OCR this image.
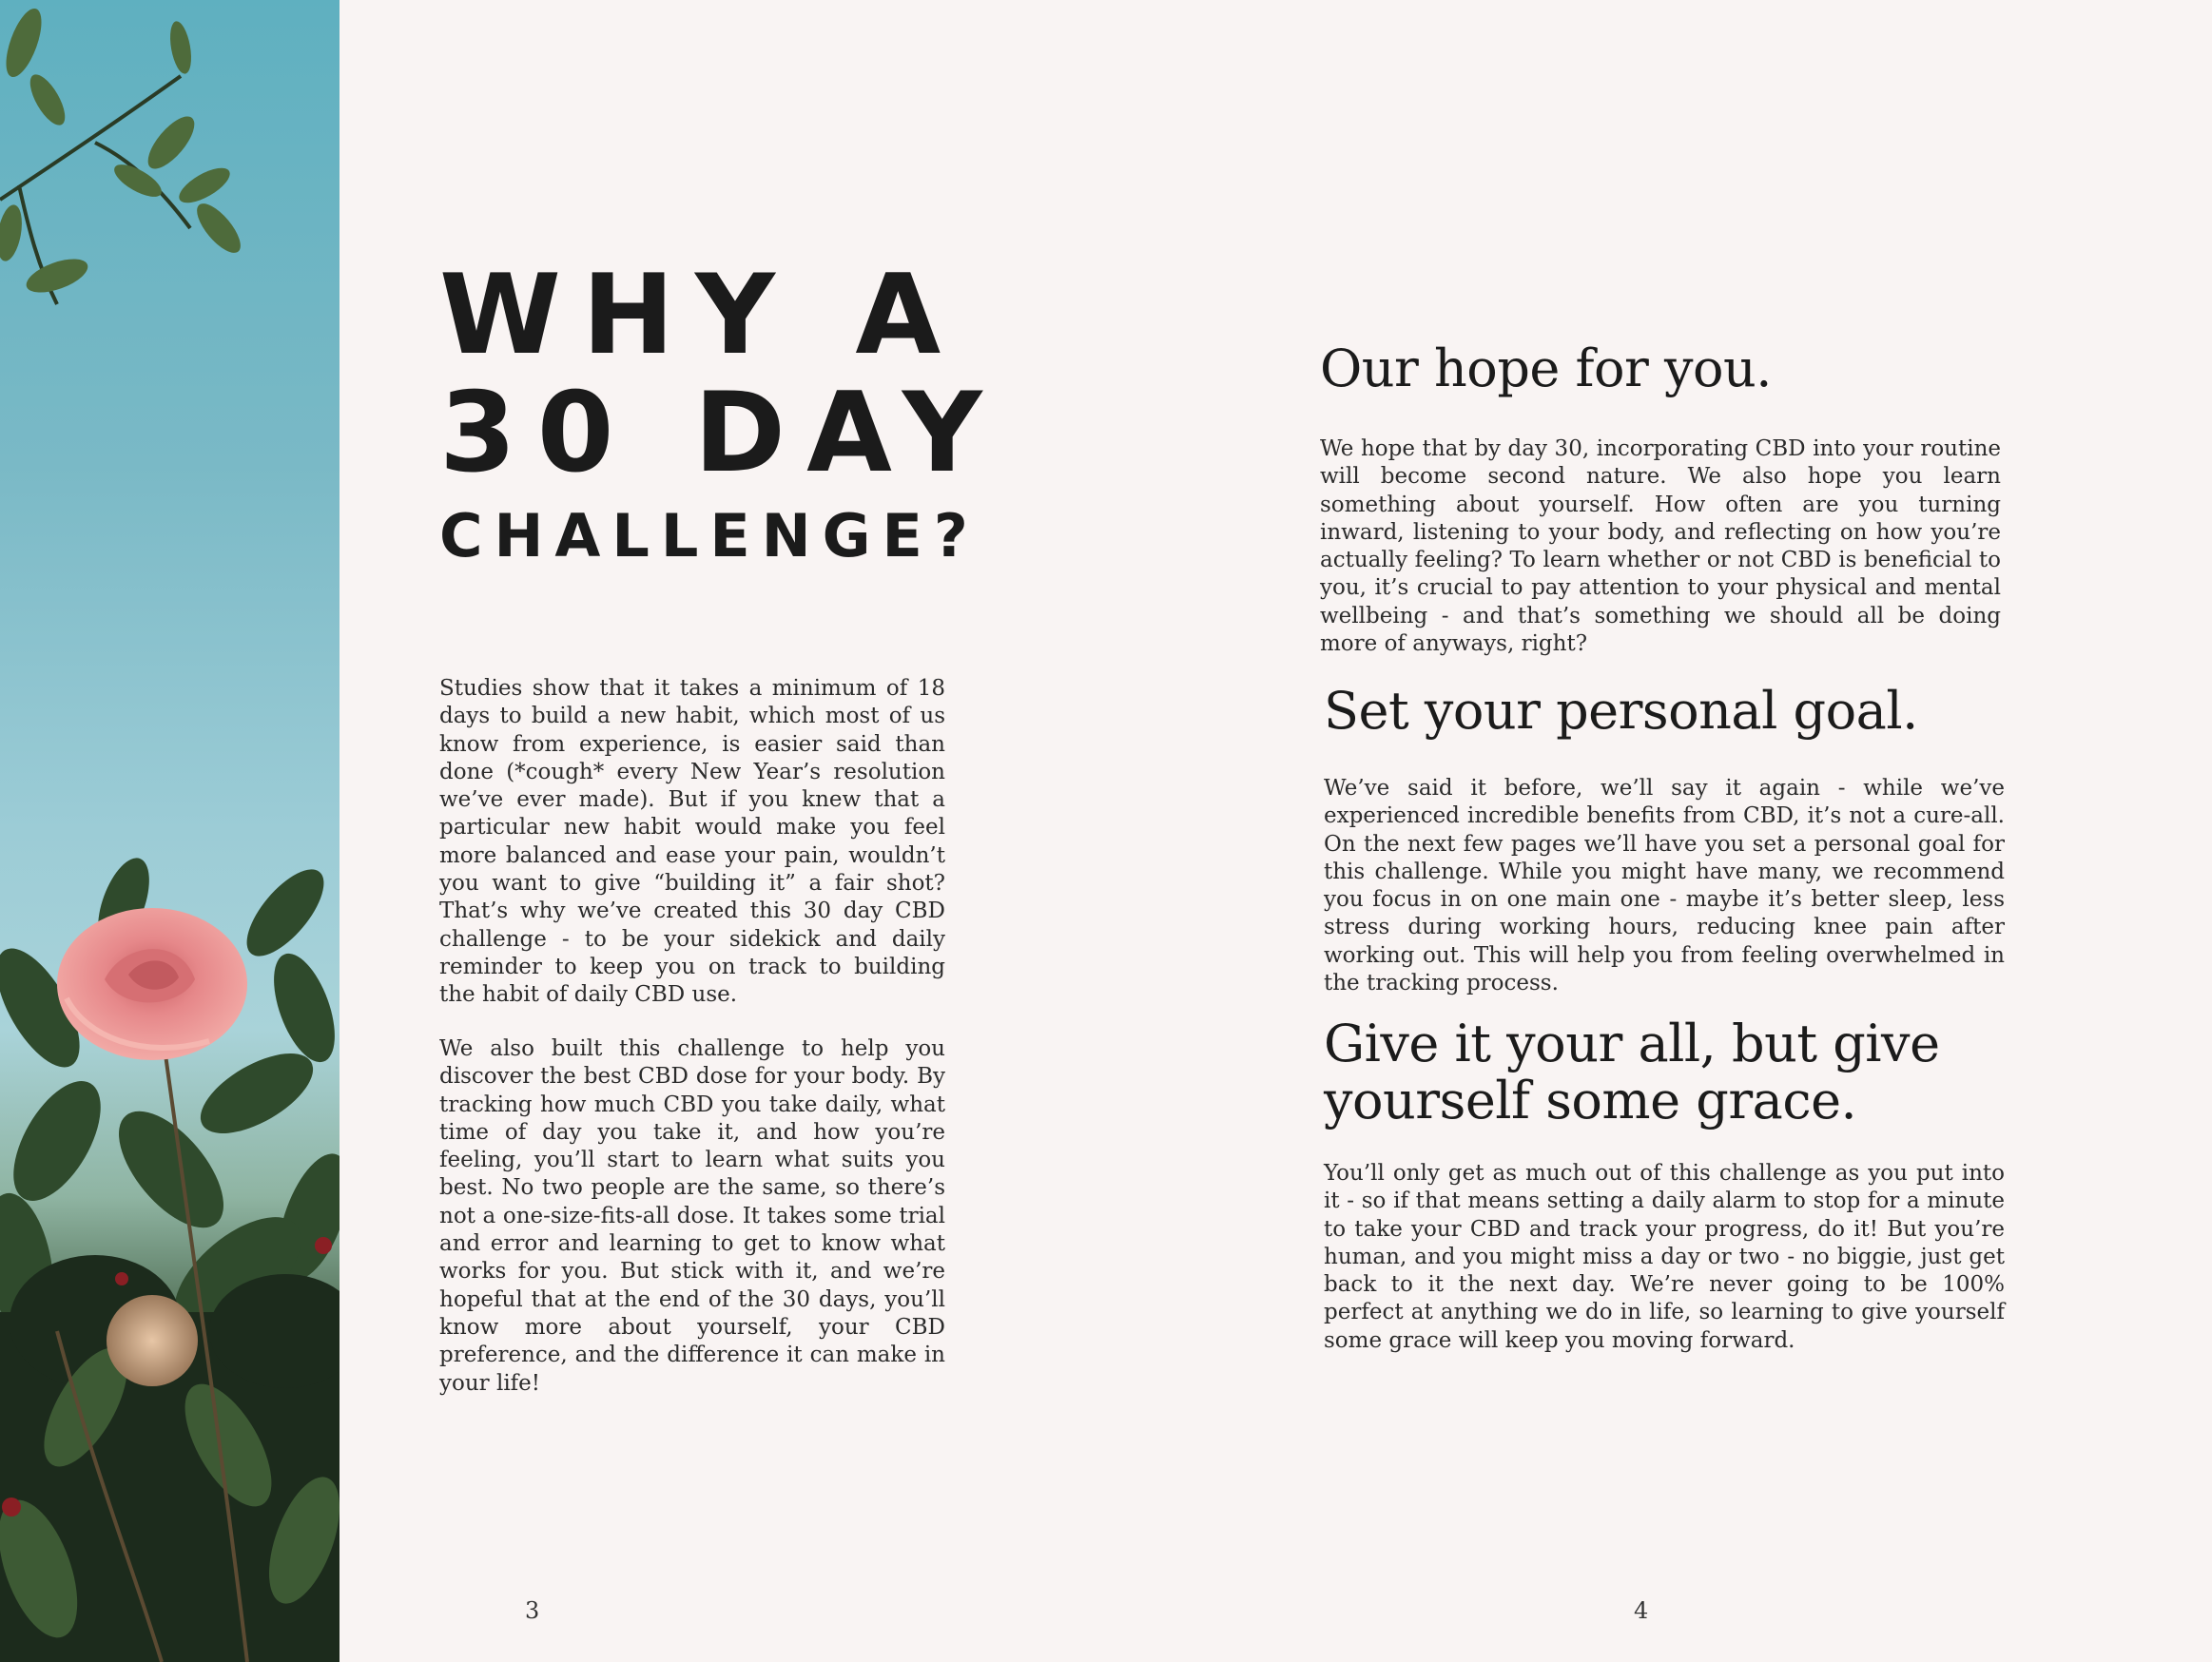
WHY A
30 DAY
CHALLENGE?

Studies show that it takes a minimum of 18 days to build a new habit, which most of us know from experience, is easier said than done (*cough* every New Year’s resolution we’ve ever made). But if you knew that a particular new habit would make you feel more balanced and ease your pain, wouldn’t you want to give “building it” a fair shot? That’s why we’ve created this 30 day CBD challenge - to be your sidekick and daily reminder to keep you on track to building the habit of daily CBD use.

We also built this challenge to help you discover the best CBD dose for your body. By tracking how much CBD you take daily, what time of day you take it, and how you’re feeling, you’ll start to learn what suits you best. No two people are the same, so there’s not a one-size-fits-all dose. It takes some trial and error and learning to get to know what works for you. But stick with it, and we’re hopeful that at the end of the 30 days, you’ll know more about yourself, your CBD preference, and the difference it can make in your life!

Our hope for you.

We hope that by day 30, incorporating CBD into your routine will become second nature. We also hope you learn something about yourself. How often are you turning inward, listening to your body, and reflecting on how you’re actually feeling? To learn whether or not CBD is beneficial to you, it’s crucial to pay attention to your physical and mental wellbeing - and that’s something we should all be doing more of anyways, right?

Set your personal goal.

We’ve said it before, we’ll say it again - while we’ve experienced incredible benefits from CBD, it’s not a cure-all. On the next few pages we’ll have you set a personal goal for this challenge. While you might have many, we recommend you focus in on one main one - maybe it’s better sleep, less stress during working hours, reducing knee pain after working out. This will help you from feeling overwhelmed in the tracking process.

Give it your all, but give
yourself some grace.

You’ll only get as much out of this challenge as you put into it - so if that means setting a daily alarm to stop for a minute to take your CBD and track your progress, do it! But you’re human, and you might miss a day or two - no biggie, just get back to it the next day. We’re never going to be 100% perfect at anything we do in life, so learning to give yourself some grace will keep you moving forward.

3	4
